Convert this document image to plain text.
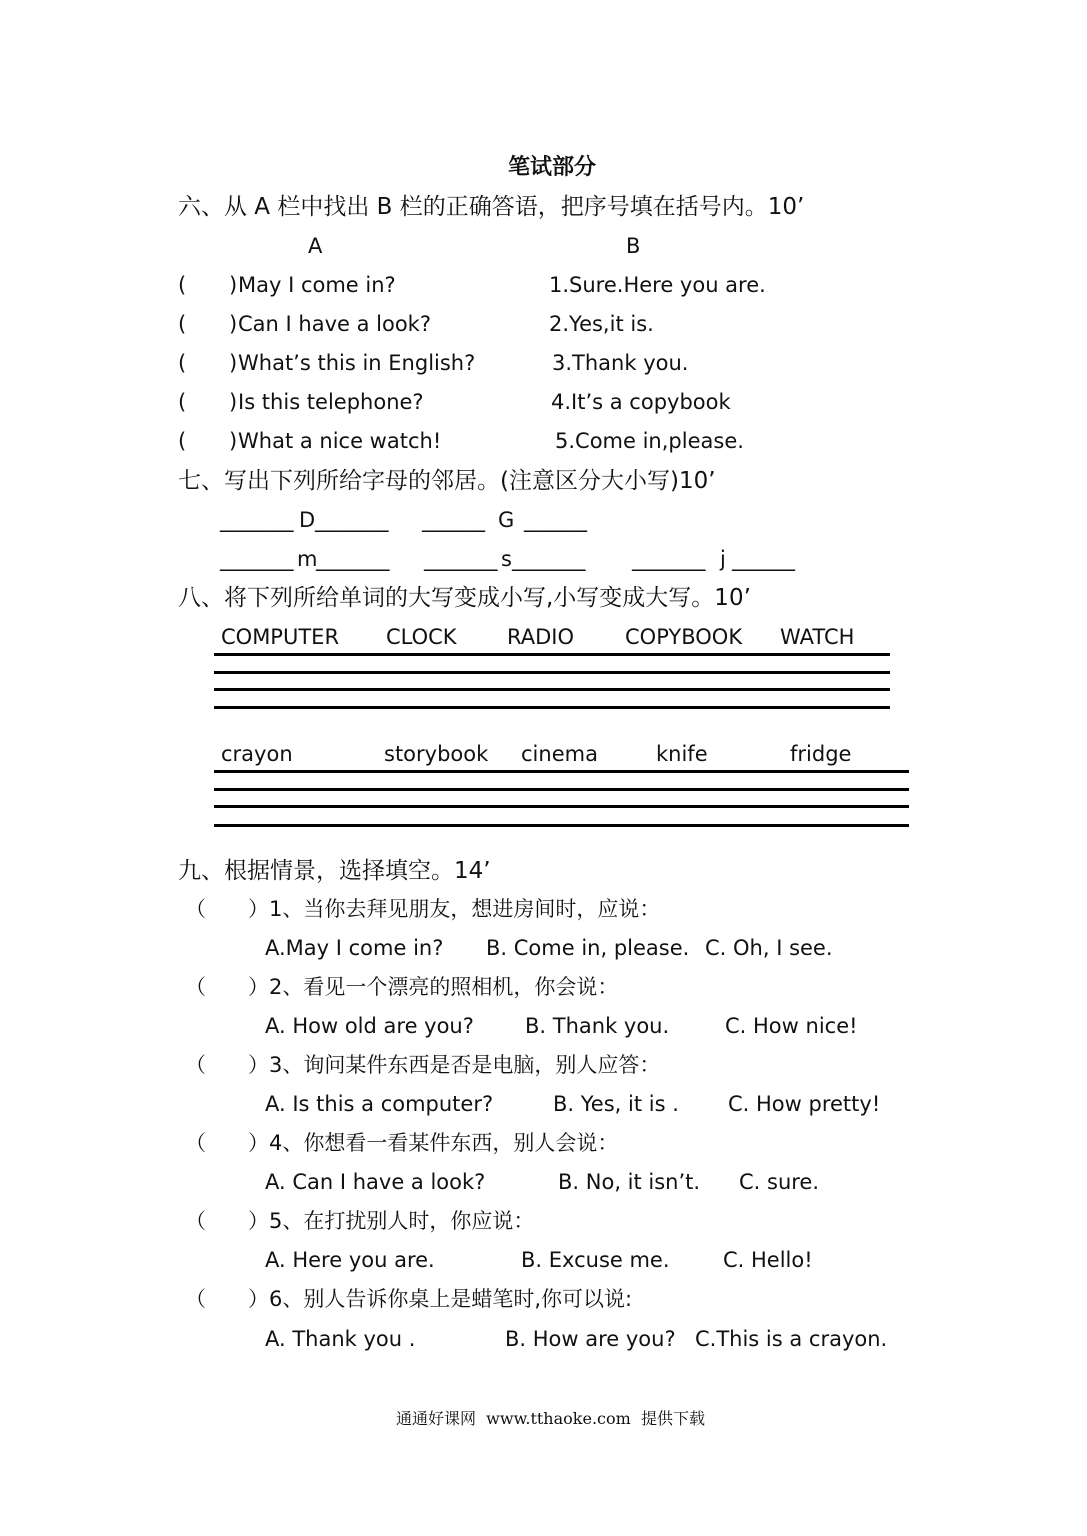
笔试部分
六、从 A 栏中找出 B 栏的正确答语，把序号填在括号内。10’
A	B
( ) May I come in?	1.Sure.Here you are.
( ) Can I have a look?	2.Yes,it is.
( ) What’s this in English?	3.Thank you.
( ) Is this telephone?	4.It’s a copybook
( ) What a nice watch!	5.Come in,please.
七、写出下列所给字母的邻居。(注意区分大小写)10’
_______ D _______ ______ G ______
_______ m
_______ _______ s _______ _______ j ______
八、将下列所给单词的大写变成小写,小写变成大写。10’
COMPUTER CLOCK RADIO COPYBOOK WATCH
crayon	storybook cinema	knife	fridge
九、根据情景，选择填空。14’
（　　）1、当你去拜见朋友，想进房间时，应说：
A.May I come in? B. Come in, please. C. Oh, I see.
（　　）2、看见一个漂亮的照相机，你会说：
A. How old are you? B. Thank you.	C. How nice!
（　　）3、询问某件东西是否是电脑，别人应答：
A. Is this a computer?	B. Yes, it is . C. How pretty!
（　　）4、你想看一看某件东西，别人会说：
A. Can I have a look?	B. No, it isn’t. C. sure.
（　　）5、在打扰别人时，你应说：
A. Here you are.	B. Excuse me.	C. Hello!
（　　）6、别人告诉你桌上是蜡笔时,你可以说:
A. Thank you .	B. How are you? C.This is a crayon.
通通好课网  www.tthaoke.com  提供下载
